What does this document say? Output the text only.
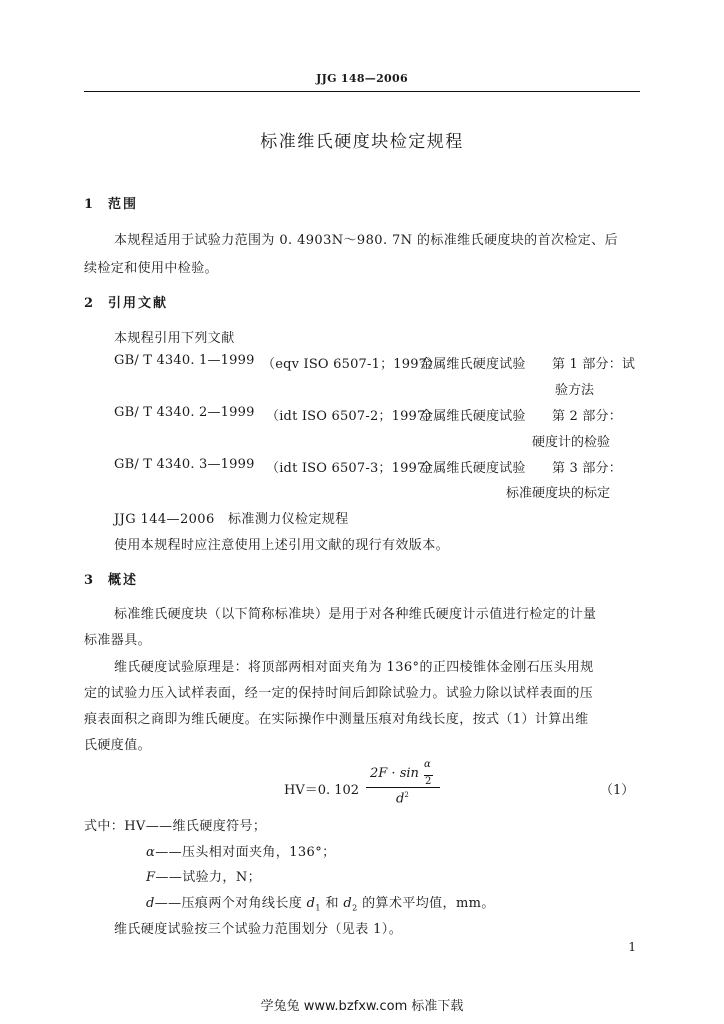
JJG 148—2006
标准维氏硬度块检定规程
1 范围
本规程适用于试验力范围为 0. 4903N～980. 7N 的标准维氏硬度块的首次检定、后
续检定和使用中检验。
2 引用文献
本规程引用下列文献
GB/ T 4340. 1—1999 （eqv ISO 6507-1；1997）
金属维氏硬度试验 第 1 部分：试
验方法
GB/ T 4340. 2—1999 （idt ISO 6507-2；1997）
金属维氏硬度试验 第 2 部分：
硬度计的检验
GB/ T 4340. 3—1999 （idt ISO 6507-3；1997）
金属维氏硬度试验 第 3 部分：
标准硬度块的标定
JJG 144—2006　标准测力仪检定规程
使用本规程时应注意使用上述引用文献的现行有效版本。
3 概述
标准维氏硬度块（以下简称标准块）是用于对各种维氏硬度计示值进行检定的计量
标准器具。
维氏硬度试验原理是：将顶部两相对面夹角为 136°的正四棱锥体金刚石压头用规
定的试验力压入试样表面，经一定的保持时间后卸除试验力。试验力除以试样表面的压
痕表面积之商即为维氏硬度。在实际操作中测量压痕对角线长度，按式（1）计算出维
氏硬度值。
HV＝0. 102
2F · sin
α
2
$d^2$	（1）
式中：HV——维氏硬度符号；
α——压头相对面夹角，136°；
F——试验力，N；
d——压痕两个对角线长度 $d_1$ 和 $d_2$ 的算术平均值，mm。
维氏硬度试验按三个试验力范围划分（见表 1）。
1
学兔兔 www.bzfxw.com 标准下载
